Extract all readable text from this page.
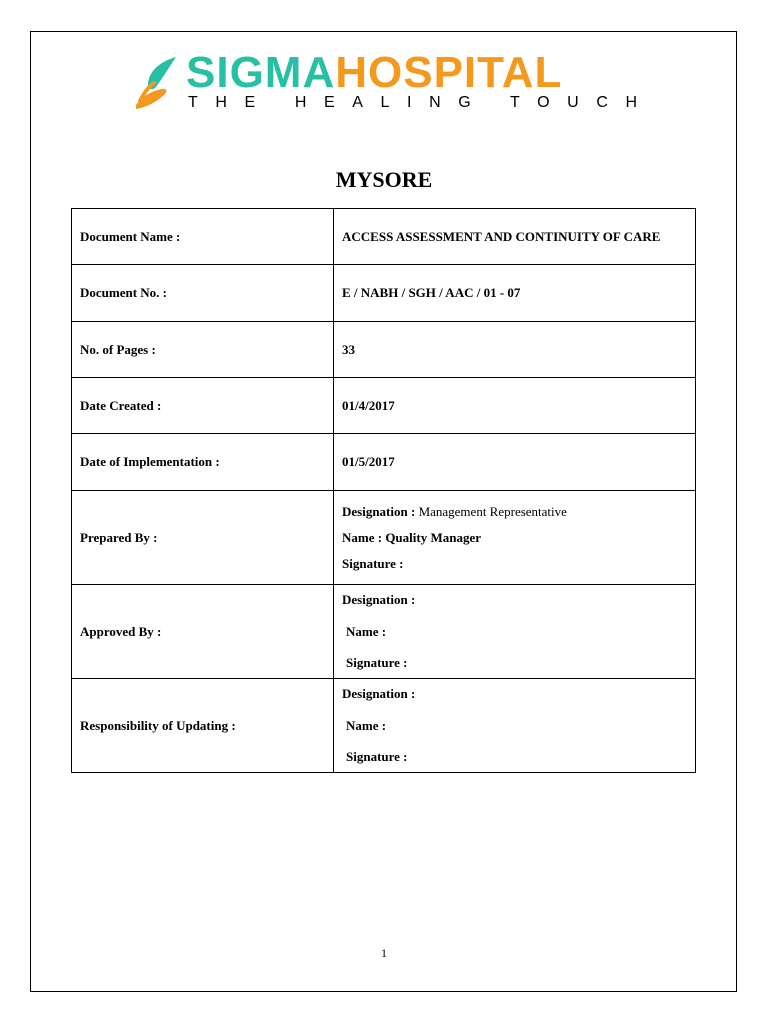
SIGMAHOSPITAL
THE HEALING TOUCH
MYSORE
Document Name :	ACCESS ASSESSMENT AND CONTINUITY OF CARE
Document No. :	E / NABH / SGH / AAC / 01 - 07
No. of Pages :	33
Date Created :	01/4/2017
Date of Implementation :	01/5/2017
Prepared By :	Designation : Management Representative
Name : Quality Manager
Signature :

Approved By :	Designation :
Name :
Signature :

Responsibility of Updating :	Designation :
Name :
Signature :
1
